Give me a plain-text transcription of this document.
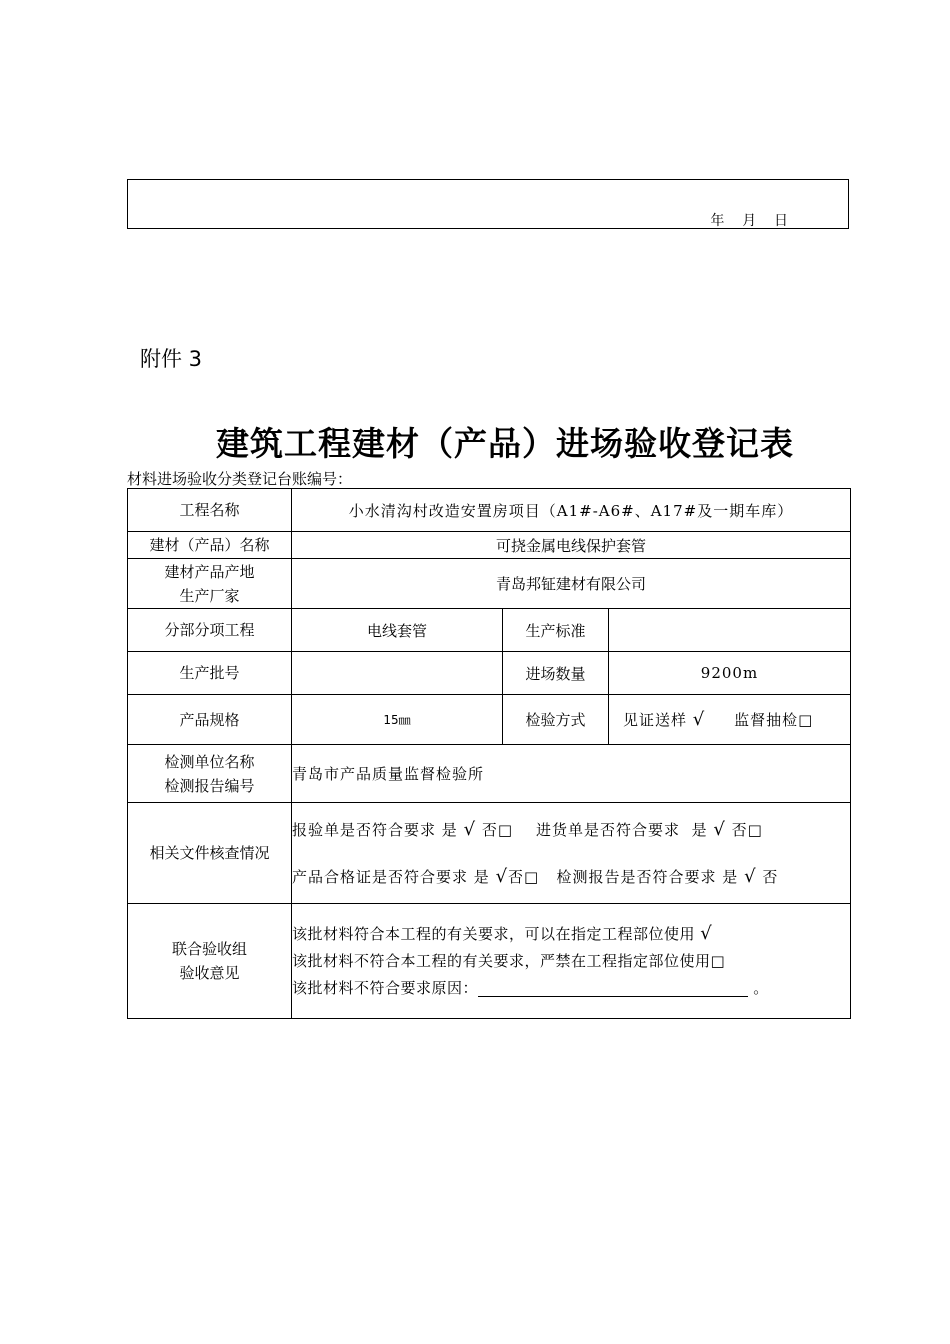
年    月    日
附件 3
建筑工程建材（产品）进场验收登记表
材料进场验收分类登记台账编号：
工程名称	小水清沟村改造安置房项目（A1#-A6#、A17#及一期车库）		
建材（产品）名称	可挠金属电线保护套管		

建材产品产地
生产厂家	青岛邦钲建材有限公司		
分部分项工程	电线套管	生产标准	
生产批号		进场数量	9200m
产品规格	15㎜	检验方式	见证送样 √ 监督抽检□

检测单位名称
检测报告编号	青岛市产品质量监督检验所		
相关文件核查情况	报验单是否符合要求 是 √ 否□    进货单是否符合要求  是 √ 否□
产品合格证是否符合要求 是 √否□   检测报告是否符合要求 是 √ 否		

联合验收组
验收意见	该批材料符合本工程的有关要求，可以在指定工程部位使用 √
该批材料不符合本工程的有关要求，严禁在工程指定部位使用□
该批材料不符合要求原因： 。		
